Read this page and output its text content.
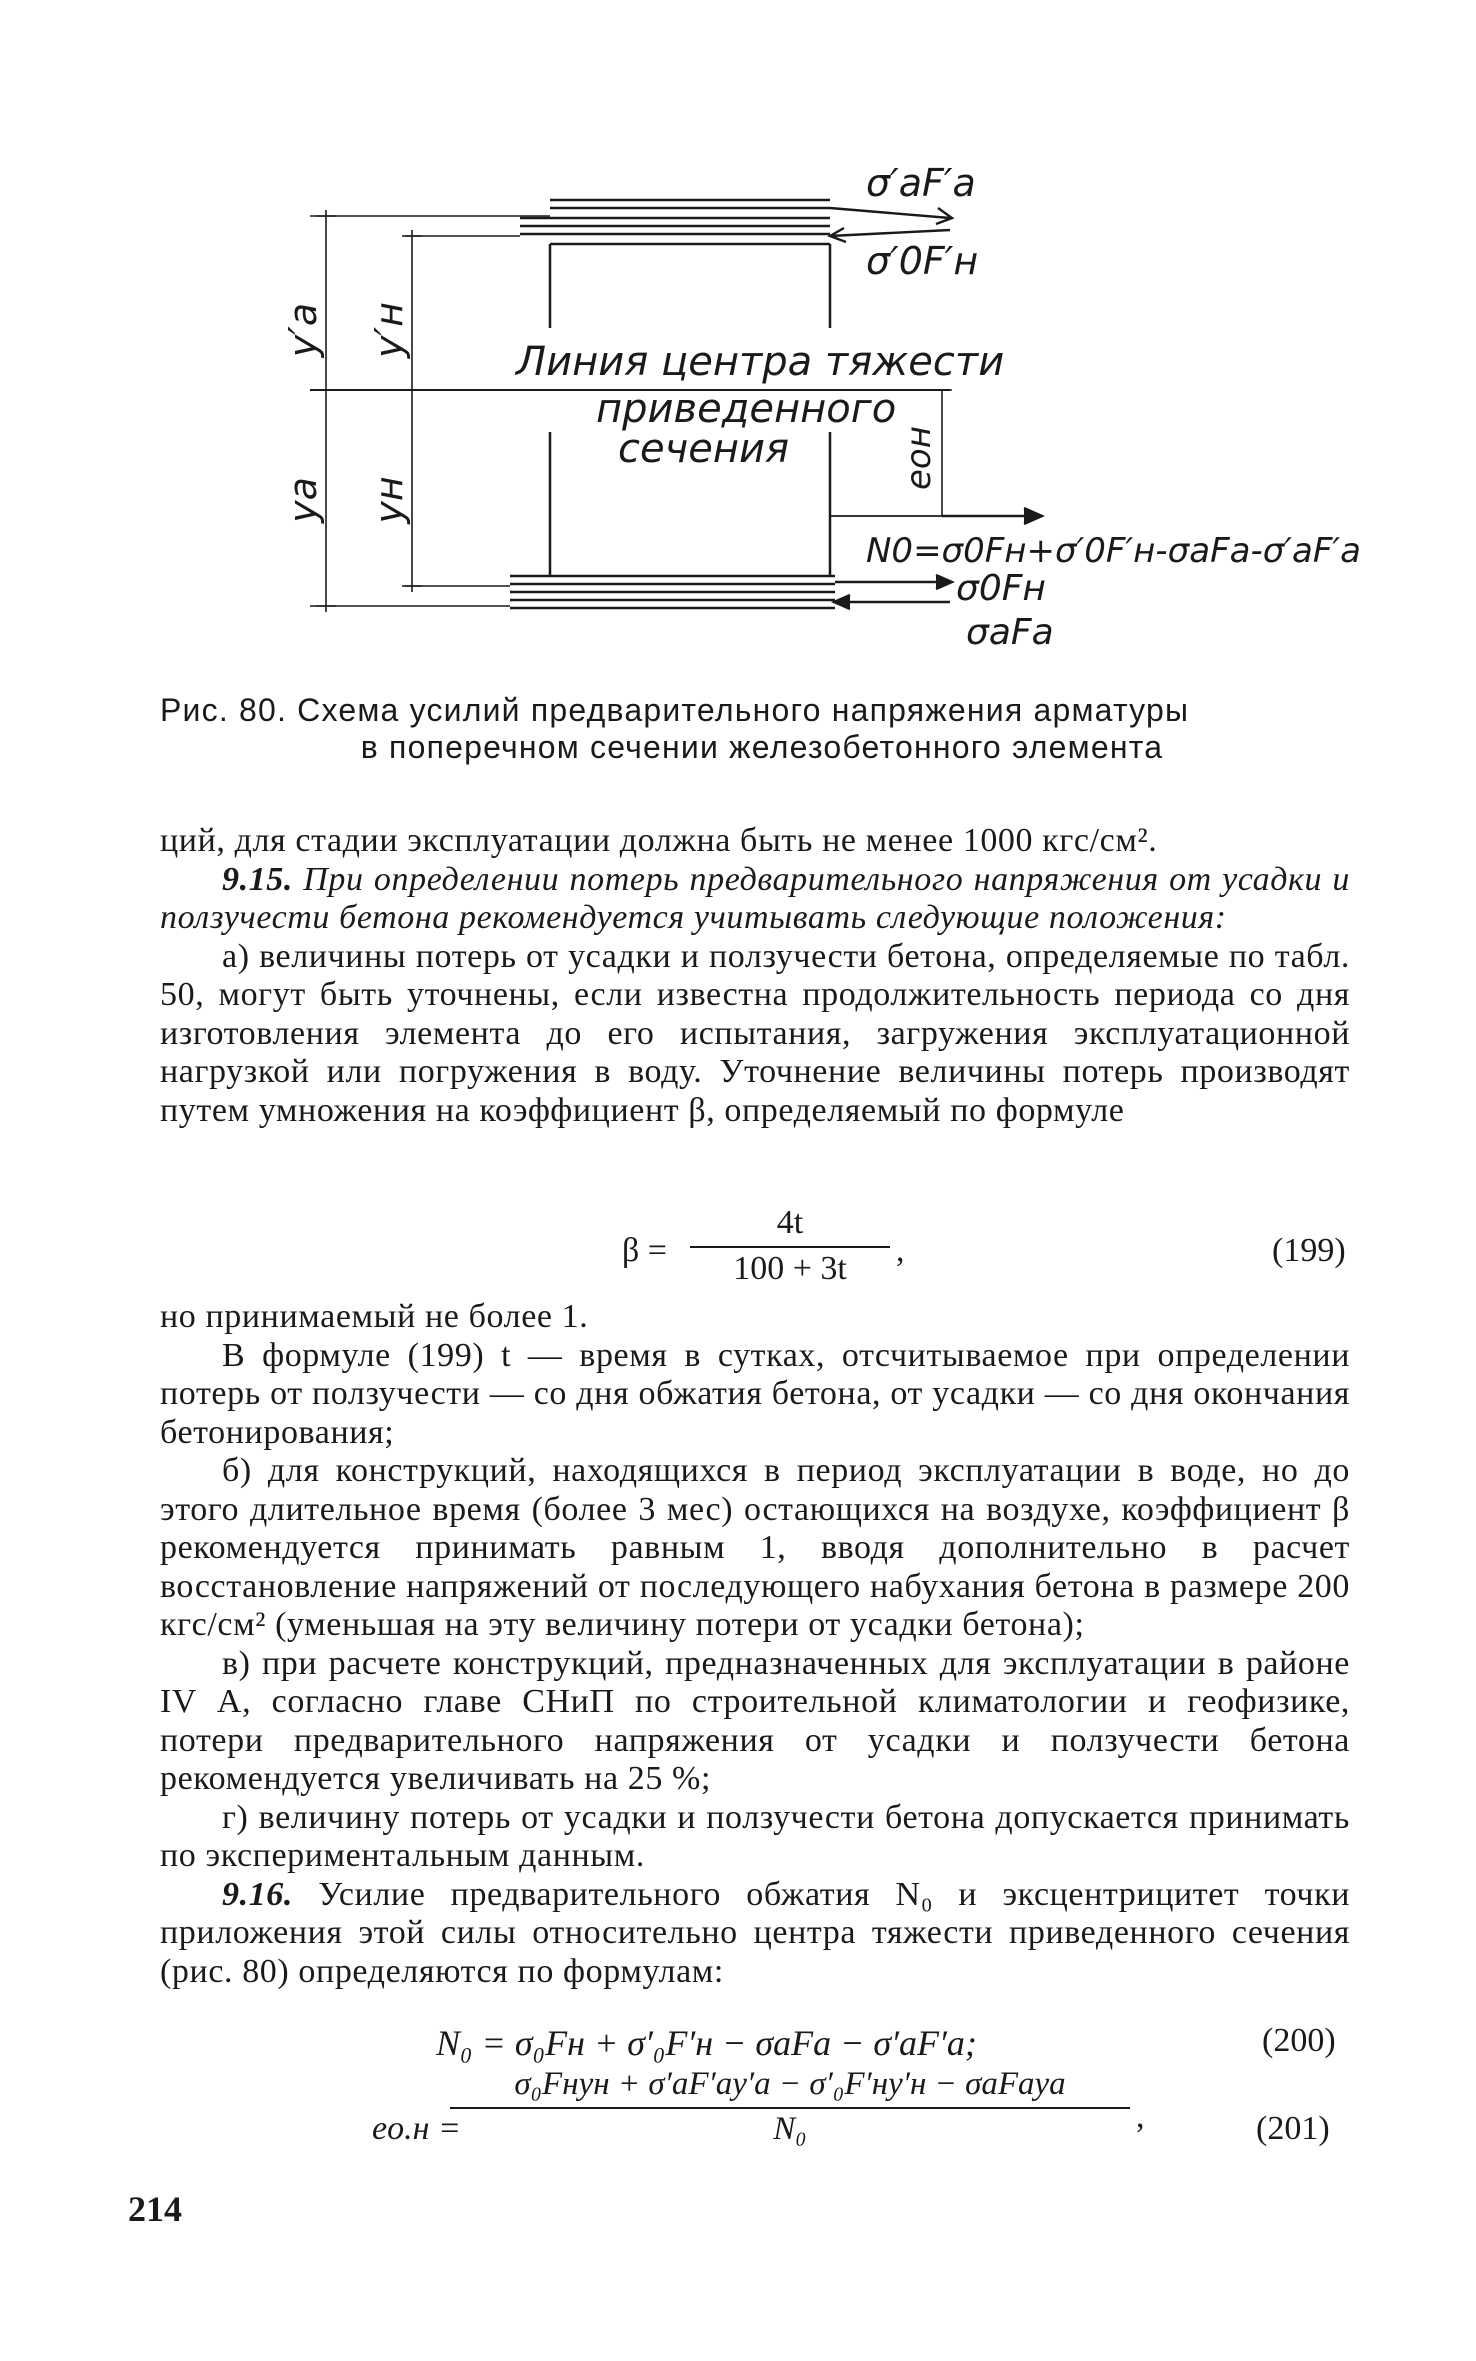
σ′аF′а
σ′0F′н
y′а y′н
yа yн
eон
Линия центра тяжести
приведенного
сечения
N0=σ0Fн+σ′0F′н-σаFа-σ′аF′а
σ0Fн
σаFа
Рис. 80. Схема усилий предварительного напряжения арматуры
в поперечном сечении железобетонного элемента

ций, для стадии эксплуатации должна быть не менее 1000 кгс/см².

9.15. При определении потерь предварительного напряжения от усадки и ползучести бетона рекомендуется учитывать следующие положения:

а) величины потерь от усадки и ползучести бетона, определяемые по табл. 50, могут быть уточнены, если известна продолжительность периода со дня изготовления элемента до его испытания, загружения эксплуатационной нагрузкой или погружения в воду. Уточнение величины потерь производят путем умножения на коэффициент β, определяемый по формуле

$\beta = \frac{4t}{100 + 3t}$ ,	(199)

но принимаемый не более 1.

В формуле (199) t — время в сутках, отсчитываемое при определении потерь от ползучести — со дня обжатия бетона, от усадки — со дня окончания бетонирования;

б) для конструкций, находящихся в период эксплуатации в воде, но до этого длительное время (более 3 мес) остающихся на воздухе, коэффициент β рекомендуется принимать равным 1, вводя дополнительно в расчет восстановление напряжений от последующего набухания бетона в размере 200 кгс/см² (уменьшая на эту величину потери от усадки бетона);

в) при расчете конструкций, предназначенных для эксплуатации в районе IV А, согласно главе СНиП по строительной климатологии и геофизике, потери предварительного напряжения от усадки и ползучести бетона рекомендуется увеличивать на 25 %;

г) величину потерь от усадки и ползучести бетона допускается принимать по экспериментальным данным.

9.16. Усилие предварительного обжатия N₀ и эксцентрицитет точки приложения этой силы относительно центра тяжести приведенного сечения (рис. 80) определяются по формулам:

N₀ = σ₀Fн + σ′₀F′н − σаFа − σ′аF′а;	(200)
eо.н =
σ₀Fнyн + σ′аF′аy′а − σ′₀F′нy′н − σаFаyа
N₀	,	(201)
214
